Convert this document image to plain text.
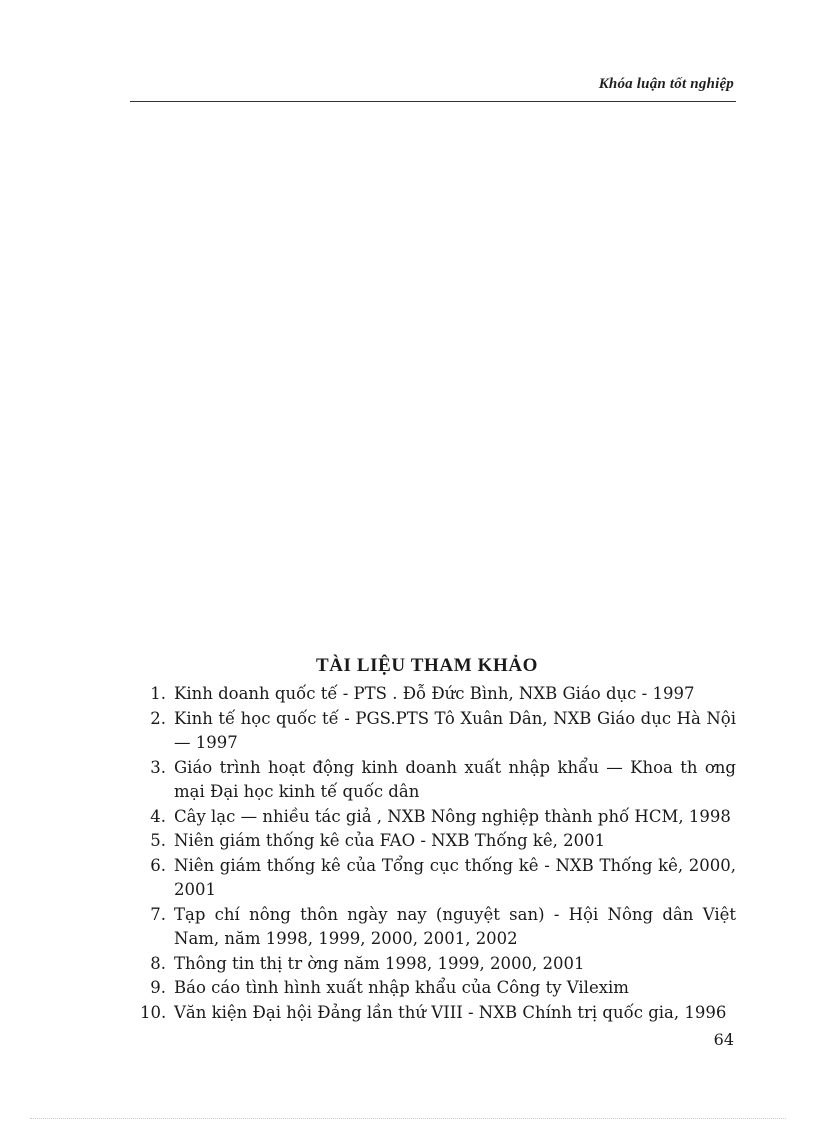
Khóa luận tốt nghiệp
TÀI LIỆU THAM KHẢO
1. Kinh doanh quốc tế - PTS . Đỗ Đức Bình, NXB Giáo dục - 1997
2. Kinh tế học quốc tế - PGS.PTS Tô Xuân Dân, NXB Giáo dục Hà Nội — 1997
3. Giáo trình hoạt động kinh doanh xuất nhập khẩu — Khoa th ơng mại Đại học kinh tế quốc dân
4. Cây lạc — nhiều tác giả , NXB Nông nghiệp thành phố HCM, 1998
5. Niên giám thống kê của FAO - NXB Thống kê, 2001
6. Niên giám thống kê của Tổng cục thống kê - NXB Thống kê, 2000, 2001
7. Tạp chí nông thôn ngày nay (nguyệt san) - Hội Nông dân Việt Nam, năm 1998, 1999, 2000, 2001, 2002
8. Thông tin thị tr ờng năm 1998, 1999, 2000, 2001
9. Báo cáo tình hình xuất nhập khẩu của Công ty Vilexim
10. Văn kiện Đại hội Đảng lần thứ VIII - NXB Chính trị quốc gia, 1996
64
